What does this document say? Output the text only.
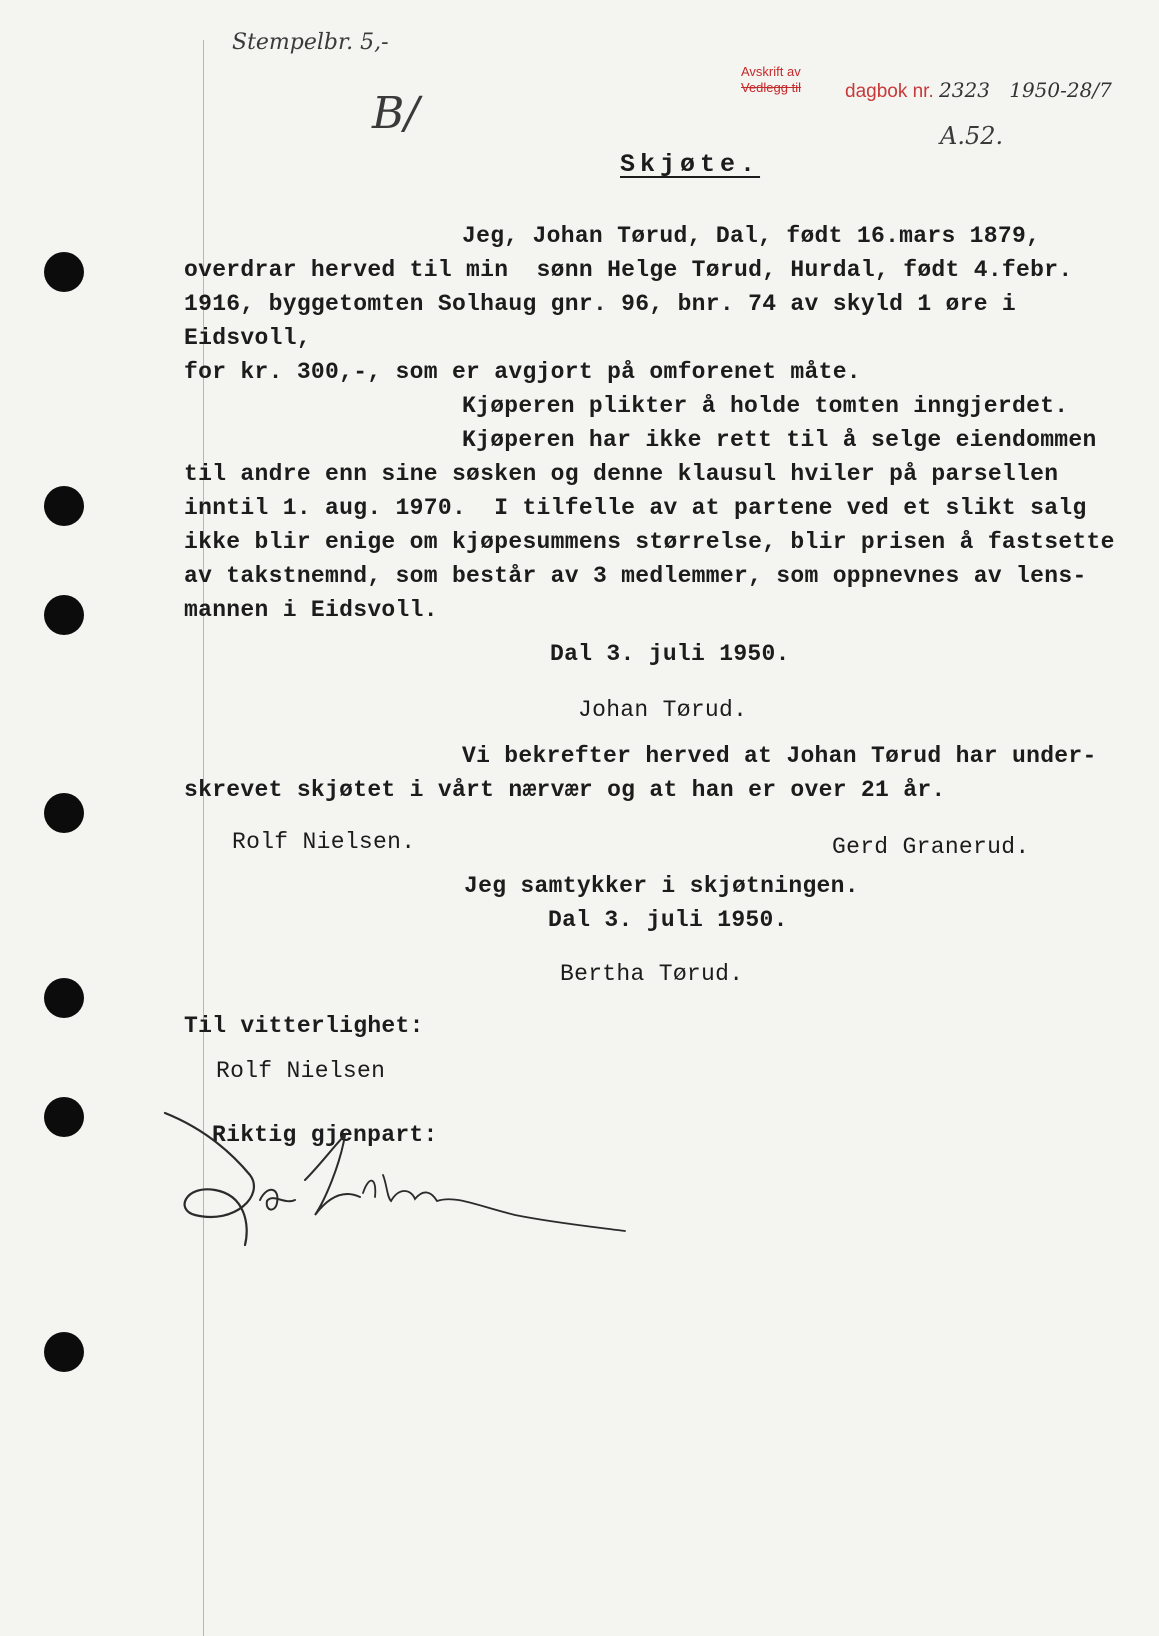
Stempelbr. 5,-
B/	A.52.
Avskrift av
Vedlegg til dagbok nr. 2323 1950-28/7
Skjøte.
Jeg, Johan Tørud, Dal, født 16.mars 1879,
overdrar herved til min  sønn Helge Tørud, Hurdal, født 4.febr.
1916, byggetomten Solhaug gnr. 96, bnr. 74 av skyld 1 øre i
Eidsvoll,
for kr. 300,-, som er avgjort på omforenet måte.
Kjøperen plikter å holde tomten inngjerdet.
Kjøperen har ikke rett til å selge eiendommen
til andre enn sine søsken og denne klausul hviler på parsellen
inntil 1. aug. 1970.  I tilfelle av at partene ved et slikt salg
ikke blir enige om kjøpesummens størrelse, blir prisen å fastsette
av takstnemnd, som består av 3 medlemmer, som oppnevnes av lens-
mannen i Eidsvoll.
Dal 3. juli 1950.
Johan Tørud.
Vi bekrefter herved at Johan Tørud har under-
skrevet skjøtet i vårt nærvær og at han er over 21 år.
Rolf Nielsen.	Gerd Granerud.
Jeg samtykker i skjøtningen.
Dal 3. juli 1950.
Bertha Tørud.
Til vitterlighet:
Rolf Nielsen
Riktig gjenpart:
